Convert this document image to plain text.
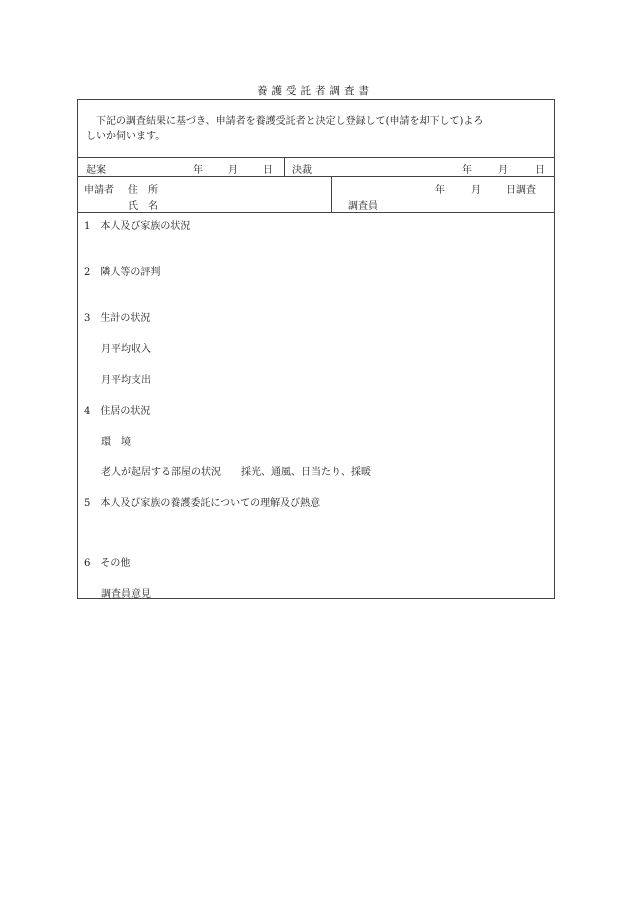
養護受託者調査書
下記の調査結果に基づき、申請者を養護受託者と決定し登録して(申請を却下して)よろ
しいか伺います。
起案	年	月	日 決裁	年	月	日
申請者 住　所
氏　名
年	月	日調査
調査員
1　本人及び家族の状況
2　隣人等の評判
3　生計の状況
月平均収入
月平均支出
4　住居の状況
環　境
老人が起居する部屋の状況　　採光、通風、日当たり、採暖
5　本人及び家族の養護委託についての理解及び熱意
6　その他
調査員意見
